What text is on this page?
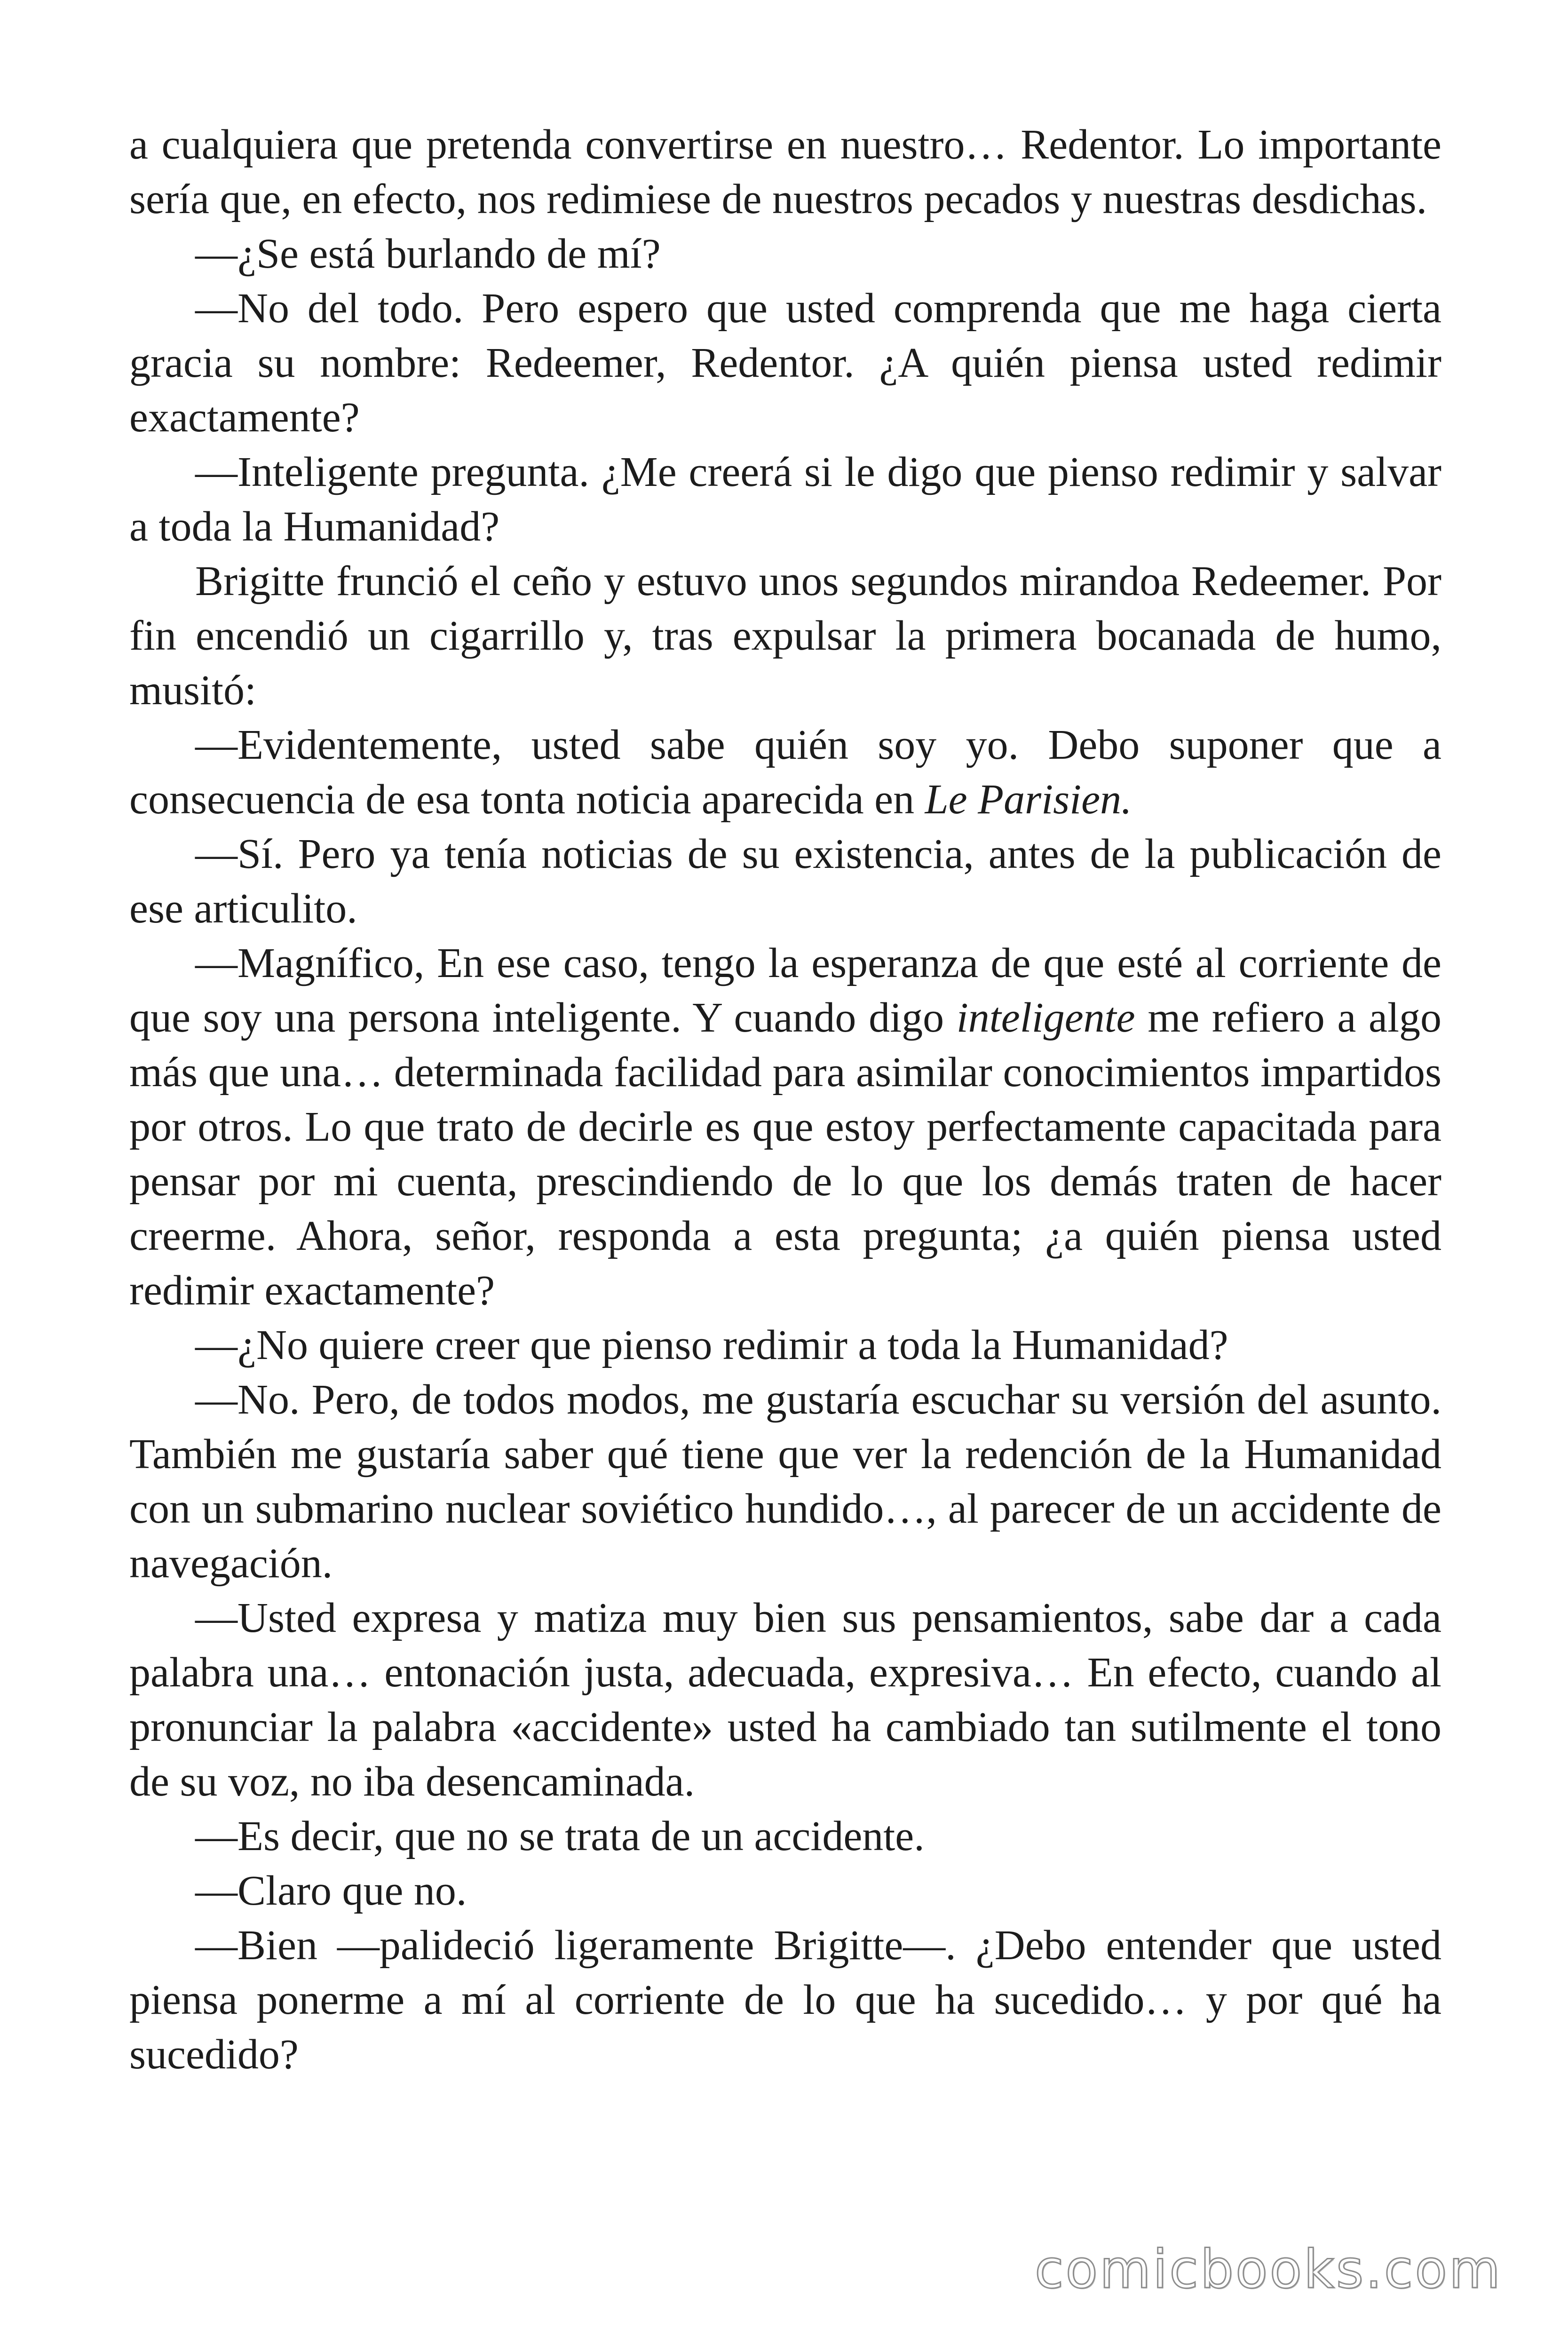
a cualquiera que pretenda convertirse en nuestro… Redentor. Lo importante sería que, en efecto, nos redimiese de nuestros pecados y nuestras desdichas.

—¿Se está burlando de mí?

—No del todo. Pero espero que usted comprenda que me haga cierta gracia su nombre: Redeemer, Redentor. ¿A quién piensa usted redimir exactamente?

—Inteligente pregunta. ¿Me creerá si le digo que pienso redimir y salvar a toda la Humanidad?

Brigitte frunció el ceño y estuvo unos segundos mirandoa Redeemer. Por fin encendió un cigarrillo y, tras expulsar la primera bocanada de humo, musitó:

—Evidentemente, usted sabe quién soy yo. Debo suponer que a consecuencia de esa tonta noticia aparecida en Le Parisien.

—Sí. Pero ya tenía noticias de su existencia, antes de la publicación de ese articulito.

—Magnífico, En ese caso, tengo la esperanza de que esté al corriente de que soy una persona inteligente. Y cuando digo inteligente me refiero a algo más que una… determinada facilidad para asimilar conocimientos impartidos por otros. Lo que trato de decirle es que estoy perfectamente capacitada para pensar por mi cuenta, prescindiendo de lo que los demás traten de hacer creerme. Ahora, señor, responda a esta pregunta; ¿a quién piensa usted redimir exactamente?

—¿No quiere creer que pienso redimir a toda la Humanidad?

—No. Pero, de todos modos, me gustaría escuchar su versión del asunto. También me gustaría saber qué tiene que ver la redención de la Humanidad con un submarino nuclear soviético hundido…, al parecer de un accidente de navegación.

—Usted expresa y matiza muy bien sus pensamientos, sabe dar a cada palabra una… entonación justa, adecuada, expresiva… En efecto, cuando al pronunciar la palabra «accidente» usted ha cambiado tan sutilmente el tono de su voz, no iba desencaminada.

—Es decir, que no se trata de un accidente.

—Claro que no.

—Bien —palideció ligeramente Brigitte—. ¿Debo entender que usted piensa ponerme a mí al corriente de lo que ha sucedido… y por qué ha sucedido?

comicbooks.com
